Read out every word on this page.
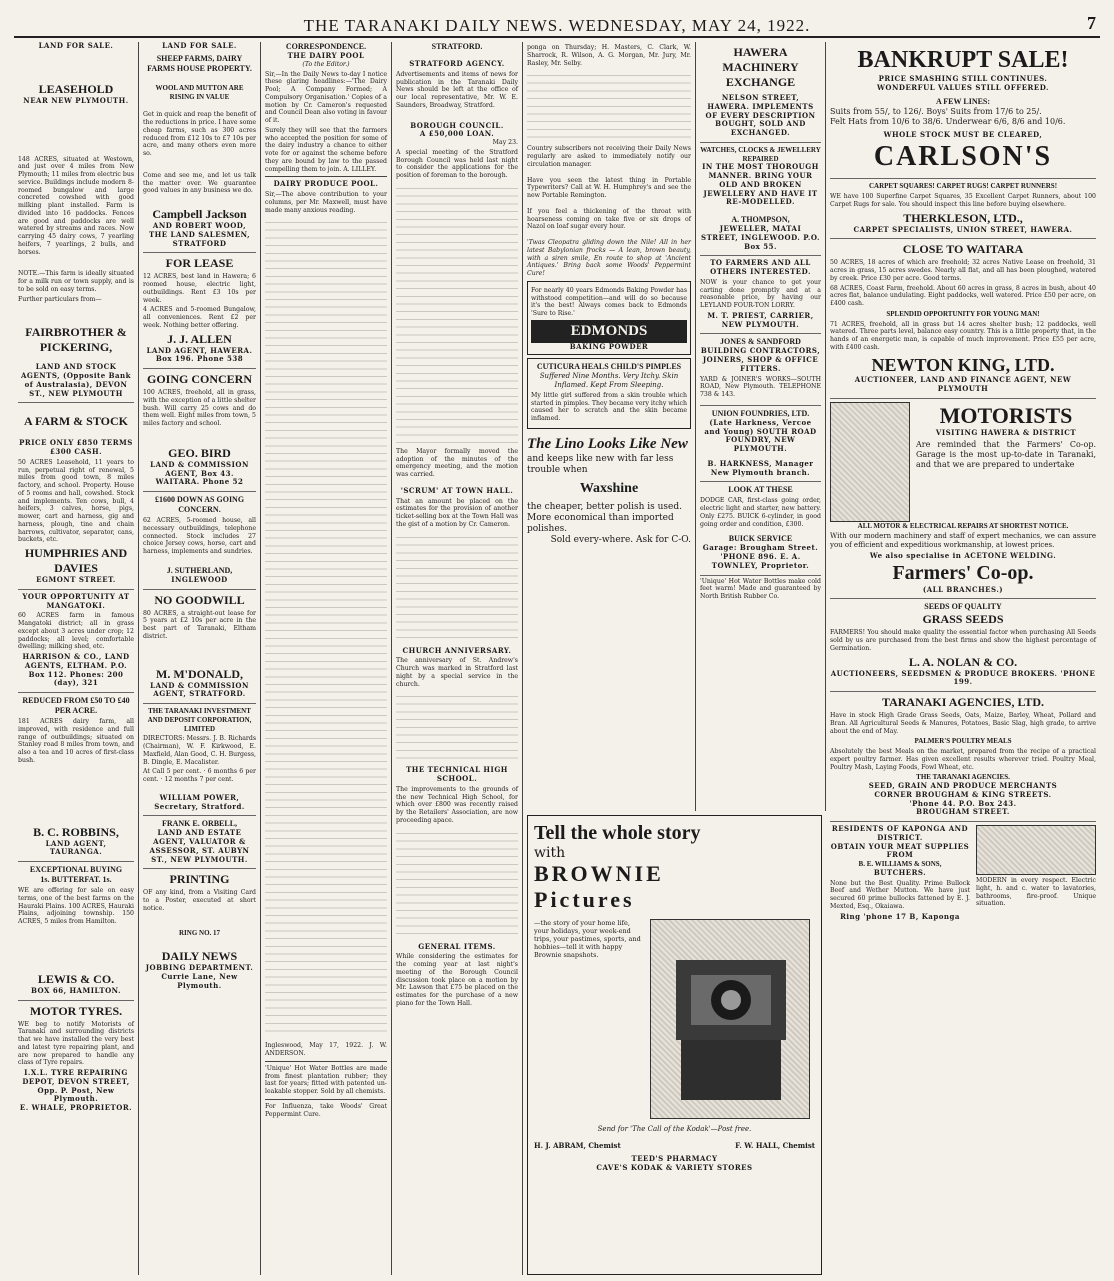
THE TARANAKI DAILY NEWS. WEDNESDAY, MAY 24, 1922.	7
LAND FOR SALE.
LEASEHOLD
NEAR NEW PLYMOUTH.

148 ACRES, situated at Westown, and just over 4 miles from New Plymouth; 11 miles from electric bus service. Buildings include modern 8-roomed bungalow and large concreted cowshed with good milking plant installed. Farm is divided into 16 paddocks. Fences are good and paddocks are well watered by streams and races. Now carrying 45 dairy cows, 7 yearling heifers, 7 yearlings, 2 bulls, and horses.

NOTE.—This farm is ideally situated for a milk run or town supply, and is to be sold on easy terms.

Further particulars from—

FAIRBROTHER & PICKERING,
LAND AND STOCK AGENTS, (Opposite Bank of Australasia), DEVON ST., NEW PLYMOUTH
A FARM & STOCK
PRICE ONLY £850 TERMS £300 CASH.

50 ACRES Leasehold, 11 years to run, perpetual right of renewal, 5 miles from good town, 8 miles factory, and school. Property. House of 5 rooms and hall, cowshed. Stock and implements. Ten cows, bull, 4 heifers, 3 calves, horse, pigs, mower, cart and harness, gig and harness, plough, tine and chain harrows, cultivator, separator, cans, buckets, etc.

HUMPHRIES AND DAVIES
EGMONT STREET.
YOUR OPPORTUNITY AT MANGATOKI.

60 ACRES farm in famous Mangatoki district; all in grass except about 3 acres under crop; 12 paddocks; all level; comfortable dwelling; milking shed, etc.

HARRISON & CO., LAND AGENTS, ELTHAM. P.O. Box 112. Phones: 200 (day), 321
REDUCED FROM £50 TO £40 PER ACRE.

181 ACRES dairy farm, all improved, with residence and full range of outbuildings; situated on Stanley road 8 miles from town, and also a tea and 10 acres of first-class bush.

B. C. ROBBINS,
LAND AGENT, TAURANGA.
EXCEPTIONAL BUYING
1s. BUTTERFAT. 1s.

WE are offering for sale on easy terms, one of the best farms on the Hauraki Plains. 100 ACRES, Hauraki Plains, adjoining township. 150 ACRES, 5 miles from Hamilton.

LEWIS & CO.
BOX 66, HAMILTON.
MOTOR TYRES.

WE beg to notify Motorists of Taranaki and surrounding districts that we have installed the very best and latest tyre repairing plant, and are now prepared to handle any class of Tyre repairs.

I.X.L. TYRE REPAIRING DEPOT, DEVON STREET, Opp. P. Post, New Plymouth.
E. WHALE, PROPRIETOR.
LAND FOR SALE.
SHEEP FARMS, DAIRY FARMS HOUSE PROPERTY.
WOOL AND MUTTON ARE RISING IN VALUE

Get in quick and reap the benefit of the reductions in price. I have some cheap farms, such as 300 acres reduced from £12 10s to £7 10s per acre, and many others even more so.

Come and see me, and let us talk the matter over. We guarantee good values in any business we do.

Campbell Jackson
AND ROBERT WOOD, THE LAND SALESMEN, STRATFORD
FOR LEASE

12 ACRES, best land in Hawera; 6 roomed house, electric light, outbuildings. Rent £3 10s per week.

4 ACRES and 5-roomed Bungalow, all conveniences. Rent £2 per week. Nothing better offering.

J. J. ALLEN
LAND AGENT, HAWERA. Box 196. Phone 538
GOING CONCERN

100 ACRES, freehold, all in grass, with the exception of a little shelter bush. Will carry 25 cows and do them well. Eight miles from town, 5 miles factory and school.

GEO. BIRD
LAND & COMMISSION AGENT, Box 43. WAITARA. Phone 52
£1600 DOWN AS GOING CONCERN.

62 ACRES, 5-roomed house, all necessary outbuildings, telephone connected. Stock includes 27 choice Jersey cows, horse, cart and harness, implements and sundries.

J. SUTHERLAND,
INGLEWOOD
NO GOODWILL

80 ACRES, a straight-out lease for 5 years at £2 10s per acre in the best part of Taranaki, Eltham district.

M. M'DONALD,
LAND & COMMISSION AGENT, STRATFORD.
THE TARANAKI INVESTMENT AND DEPOSIT CORPORATION, LIMITED

DIRECTORS: Messrs. J. B. Richards (Chairman), W. F. Kirkwood, E. Maxfield, Alan Good, C. H. Burgess, B. Dingle, E. Macalister.

At Call 5 per cent. · 6 months 6 per cent. · 12 months 7 per cent.

WILLIAM POWER, Secretary, Stratford.
FRANK E. ORBELL,
LAND AND ESTATE AGENT, VALUATOR & ASSESSOR, ST. AUBYN ST., NEW PLYMOUTH.
PRINTING

OF any kind, from a Visiting Card to a Poster, executed at short notice.

RING NO. 17
DAILY NEWS
JOBBING DEPARTMENT. Currie Lane, New Plymouth.
CORRESPONDENCE.
THE DAIRY POOL
(To the Editor.)

Sir,—In the Daily News to-day I notice these glaring headlines:—'The Dairy Pool; A Company Formed; A Compulsory Organisation.' Copies of a motion by Cr. Cameron's requested and Council Dean also voting in favour of it.

Surely they will see that the farmers who accepted the position for some of the dairy industry a chance to either vote for or against the scheme before they are bound by law to the passed compelling them to join. A. LILLEY.

DAIRY PRODUCE POOL.

Sir,—The above contribution to your columns, per Mr. Maxwell, must have made many anxious reading.

Ingleswood, May 17, 1922. J. W. ANDERSON.

'Unique' Hot Water Bottles are made from finest plantation rubber; they last for years; fitted with patented un-leakable stopper. Sold by all chemists.

For Influenza, take Woods' Great Peppermint Cure.

STRATFORD.
STRATFORD AGENCY.

Advertisements and items of news for publication in the Taranaki Daily News should be left at the office of our local representative, Mr. W. E. Saunders, Broadway, Stratford.

BOROUGH COUNCIL.
A £50,000 LOAN.
May 23.

A special meeting of the Stratford Borough Council was held last night to consider the applications for the position of foreman to the borough.

The Mayor formally moved the adoption of the minutes of the emergency meeting, and the motion was carried.

'SCRUM' AT TOWN HALL.

That an amount be placed on the estimates for the provision of another ticket-selling box at the Town Hall was the gist of a motion by Cr. Cameron.

CHURCH ANNIVERSARY.

The anniversary of St. Andrew's Church was marked in Stratford last night by a special service in the church.

THE TECHNICAL HIGH SCHOOL.

The improvements to the grounds of the new Technical High School, for which over £800 was recently raised by the Retailers' Association, are now proceeding apace.

GENERAL ITEMS.

While considering the estimates for the coming year at last night's meeting of the Borough Council discussion took place on a motion by Mr. Lawson that £75 be placed on the estimates for the purchase of a new piano for the Town Hall.

ponga on Thursday; H. Masters, C. Clark, W. Sharrock, R. Wilson, A. G. Morgan, Mr. Jury, Mr. Rasley, Mr. Selby.

Country subscribers not receiving their Daily News regularly are asked to immediately notify our circulation manager.

Have you seen the latest thing in Portable Typewriters? Call at W. H. Humphrey's and see the new Portable Remington.

If you feel a thickening of the throat with hoarseness coming on take five or six drops of Nazol on loaf sugar every hour.

'Twas Cleopatra gliding down the Nile! All in her latest Babylonian frocks — A lean, brown beauty, with a siren smile, En route to shop at 'Ancient Antiques.' Bring back some Woods' Peppermint Cure!

For nearly 40 years Edmonds Baking Powder has withstood competition—and will do so because it's the best! Always comes back to Edmonds 'Sure to Rise.'

EDMONDS
BAKING POWDER
CUTICURA HEALS CHILD'S PIMPLES
Suffered Nine Months. Very Itchy. Skin Inflamed. Kept From Sleeping.

My little girl suffered from a skin trouble which started in pimples. They became very itchy which caused her to scratch and the skin became inflamed.

The Lino Looks Like New
and keeps like new with far less trouble when
Waxshine
the cheaper, better polish is used. More economical than imported polishes.
Sold every-where. Ask for C-O.
HAWERA MACHINERY EXCHANGE
NELSON STREET, HAWERA. IMPLEMENTS OF EVERY DESCRIPTION BOUGHT, SOLD AND EXCHANGED.
WATCHES, CLOCKS & JEWELLERY REPAIRED
IN THE MOST THOROUGH MANNER. BRING YOUR OLD AND BROKEN JEWELLERY AND HAVE IT RE-MODELLED.
A. THOMPSON,
JEWELLER, MATAI STREET, INGLEWOOD. P.O. Box 55.
TO FARMERS AND ALL OTHERS INTERESTED.

NOW is your chance to get your carting done promptly and at a reasonable price, by having our LEYLAND FOUR-TON LORRY.

M. T. PRIEST, CARRIER, NEW PLYMOUTH.
JONES & SANDFORD
BUILDING CONTRACTORS, JOINERS, SHOP & OFFICE FITTERS.

YARD & JOINER'S WORKS—SOUTH ROAD, New Plymouth. TELEPHONE 738 & 143.

UNION FOUNDRIES, LTD.
(Late Harkness, Vercoe and Young) SOUTH ROAD FOUNDRY, NEW PLYMOUTH.
B. HARKNESS, Manager New Plymouth branch.
LOOK AT THESE

DODGE CAR, first-class going order, electric light and starter, new battery. Only £275. BUICK 6-cylinder, in good going order and condition, £300.

BUICK SERVICE
Garage: Brougham Street. 'PHONE 896. E. A. TOWNLEY, Proprietor.

'Unique' Hot Water Bottles make cold feet warm! Made and guaranteed by North British Rubber Co.

Tell the whole story
with
BROWNIE
Pictures
—the story of your home life, your holidays, your week-end trips, your pastimes, sports, and hobbies—tell it with happy Brownie snapshots.
Send for 'The Call of the Kodak'—Post free.
H. J. ABRAM, Chemist	F. W. HALL, Chemist
TEED'S PHARMACY
CAVE'S KODAK & VARIETY STORES
BANKRUPT SALE!
PRICE SMASHING STILL CONTINUES.
WONDERFUL VALUES STILL OFFERED.
A FEW LINES:
Suits from 55/, to 126/. Boys' Suits from 17/6 to 25/.
Felt Hats from 10/6 to 38/6. Underwear 6/6, 8/6 and 10/6.
WHOLE STOCK MUST BE CLEARED,
CARLSON'S
CARPET SQUARES! CARPET RUGS! CARPET RUNNERS!

WE have 100 Superfine Carpet Squares, 35 Excellent Carpet Runners, about 100 Carpet Rugs for sale. You should inspect this line before buying elsewhere.

THERKLESON, LTD.,
CARPET SPECIALISTS, UNION STREET, HAWERA.
CLOSE TO WAITARA

50 ACRES, 18 acres of which are freehold; 32 acres Native Lease on freehold, 31 acres in grass, 15 acres swedes. Nearly all flat, and all has been ploughed, watered by creek. Price £30 per acre. Good terms.

68 ACRES, Coast Farm, freehold. About 60 acres in grass, 8 acres in bush, about 40 acres flat, balance undulating. Eight paddocks, well watered. Price £50 per acre, on £400 cash.

SPLENDID OPPORTUNITY FOR YOUNG MAN!

71 ACRES, freehold, all in grass but 14 acres shelter bush; 12 paddocks, well watered. Three parts level, balance easy country. This is a little property that, in the hands of an energetic man, is capable of much improvement. Price £55 per acre, with £400 cash.

NEWTON KING, LTD.
AUCTIONEER, LAND AND FINANCE AGENT, NEW PLYMOUTH
MOTORISTS
VISITING HAWERA & DISTRICT

Are reminded that the Farmers' Co-op. Garage is the most up-to-date in Taranaki, and that we are prepared to undertake

ALL MOTOR & ELECTRICAL REPAIRS AT SHORTEST NOTICE.

With our modern machinery and staff of expert mechanics, we can assure you of efficient and expeditious workmanship, at lowest prices.

We also specialise in ACETONE WELDING.
Farmers' Co-op.
(ALL BRANCHES.)
SEEDS OF QUALITY
GRASS SEEDS

FARMERS! You should make quality the essential factor when purchasing All Seeds sold by us are purchased from the best firms and show the highest percentage of Germination.

L. A. NOLAN & CO.
AUCTIONEERS, SEEDSMEN & PRODUCE BROKERS. 'PHONE 199.
TARANAKI AGENCIES, LTD.

Have in stock High Grade Grass Seeds, Oats, Maize, Barley, Wheat, Pollard and Bran. All Agricultural Seeds & Manures, Potatoes, Basic Slag, high grade, to arrive about the end of May.

PALMER'S POULTRY MEALS

Absolutely the best Meals on the market, prepared from the recipe of a practical expert poultry farmer. Has given excellent results wherever tried. Poultry Meal, Poultry Mash, Laying Foods, Fowl Wheat, etc.

THE TARANAKI AGENCIES.
SEED, GRAIN AND PRODUCE MERCHANTS
CORNER BROUGHAM & KING STREETS.
'Phone 44. P.O. Box 243.
BROUGHAM STREET.
RESIDENTS OF KAPONGA AND DISTRICT.
OBTAIN YOUR MEAT SUPPLIES FROM
B. E. WILLIAMS & SONS,
BUTCHERS.

None but the Best Quality. Prime Bullock Beef and Wether Mutton. We have just secured 60 prime bullocks fattened by E. J. Mexted, Esq., Okaiawa.

Ring 'phone 17 B, Kaponga

MODERN in every respect. Electric light, h. and c. water to lavatories, bathrooms, fire-proof. Unique situation.
